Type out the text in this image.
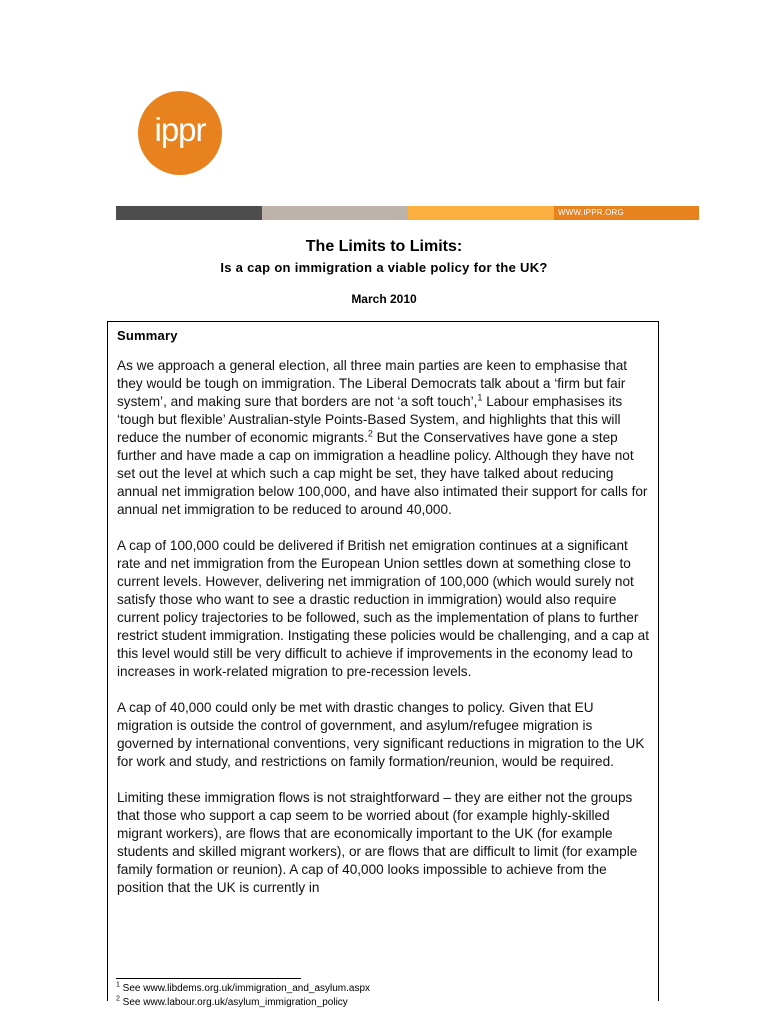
ippr
WWW.IPPR.ORG
The Limits to Limits:
Is a cap on immigration a viable policy for the UK?
March 2010
Summary

As we approach a general election, all three main parties are keen to emphasise that they would be tough on immigration. The Liberal Democrats talk about a ‘firm but fair system’, and making sure that borders are not ‘a soft touch’,$^1$ Labour emphasises its ‘tough but flexible’ Australian-style Points-Based System, and highlights that this will reduce the number of economic migrants.$^2$ But the Conservatives have gone a step further and have made a cap on immigration a headline policy. Although they have not set out the level at which such a cap might be set, they have talked about reducing annual net immigration below 100,000, and have also intimated their support for calls for annual net immigration to be reduced to around 40,000.

A cap of 100,000 could be delivered if British net emigration continues at a significant rate and net immigration from the European Union settles down at something close to current levels. However, delivering net immigration of 100,000 (which would surely not satisfy those who want to see a drastic reduction in immigration) would also require current policy trajectories to be followed, such as the implementation of plans to further restrict student immigration. Instigating these policies would be challenging, and a cap at this level would still be very difficult to achieve if improvements in the economy lead to increases in work-related migration to pre-recession levels.

A cap of 40,000 could only be met with drastic changes to policy. Given that EU migration is outside the control of government, and asylum/refugee migration is governed by international conventions, very significant reductions in migration to the UK for work and study, and restrictions on family formation/reunion, would be required.

Limiting these immigration flows is not straightforward – they are either not the groups that those who support a cap seem to be worried about (for example highly-skilled migrant workers), are flows that are economically important to the UK (for example students and skilled migrant workers), or are flows that are difficult to limit (for example family formation or reunion). A cap of 40,000 looks impossible to achieve from the position that the UK is currently in

$^1$ See www.libdems.org.uk/immigration_and_asylum.aspx
$^2$ See www.labour.org.uk/asylum_immigration_policy
